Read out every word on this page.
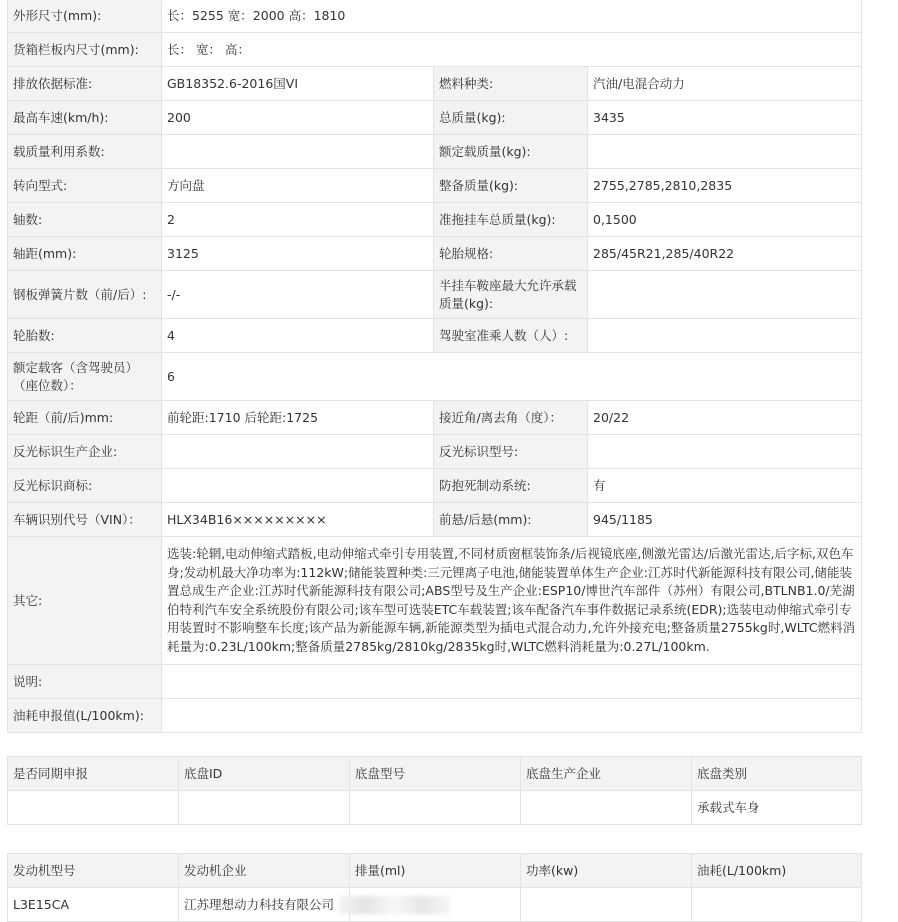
外形尺寸(mm):	长：5255 宽：2000 高：1810		
货箱栏板内尺寸(mm):	长： 宽： 高：		
排放依据标准:	GB18352.6-2016国VI	燃料种类:	汽油/电混合动力
最高车速(km/h):	200	总质量(kg):	3435
载质量利用系数:		额定载质量(kg):	
转向型式:	方向盘	整备质量(kg):	2755,2785,2810,2835
轴数:	2	准拖挂车总质量(kg):	0,1500
轴距(mm):	3125	轮胎规格:	285/45R21,285/40R22
钢板弹簧片数（前/后）:	-/-	半挂车鞍座最大允许承载质量(kg):	
轮胎数:	4	驾驶室准乘人数（人）:	
额定载客（含驾驶员）（座位数）：	6		
轮距（前/后)mm:	前轮距:1710 后轮距:1725	接近角/离去角（度）：	20/22
反光标识生产企业:		反光标识型号:	
反光标识商标:		防抱死制动系统:	有
车辆识别代号（VIN）：	HLX34B16×××××××××	前悬/后悬(mm):	945/1185
其它:	选装:轮辋,电动伸缩式踏板,电动伸缩式牵引专用装置,不同材质窗框装饰条/后视镜底座,侧激光雷达/后激光雷达,后字标,双色车身;发动机最大净功率为:112kW;储能装置种类:三元锂离子电池,储能装置单体生产企业:江苏时代新能源科技有限公司,储能装置总成生产企业:江苏时代新能源科技有限公司;ABS型号及生产企业:ESP10/博世汽车部件（苏州）有限公司,BTLNB1.0/芜湖伯特利汽车安全系统股份有限公司;该车型可选装ETC车载装置;该车配备汽车事件数据记录系统(EDR);选装电动伸缩式牵引专用装置时不影响整车长度;该产品为新能源车辆,新能源类型为插电式混合动力,允许外接充电;整备质量2755kg时,WLTC燃料消耗量为:0.23L/100km;整备质量2785kg/2810kg/2835kg时,WLTC燃料消耗量为:0.27L/100km.		
说明:			
油耗申报值(L/100km):			
是否同期申报	底盘ID	底盘型号	底盘生产企业	底盘类别
				承载式车身
发动机型号	发动机企业	排量(ml)	功率(kw)	油耗(L/100km)
L3E15CA	江苏理想动力科技有限公司			
